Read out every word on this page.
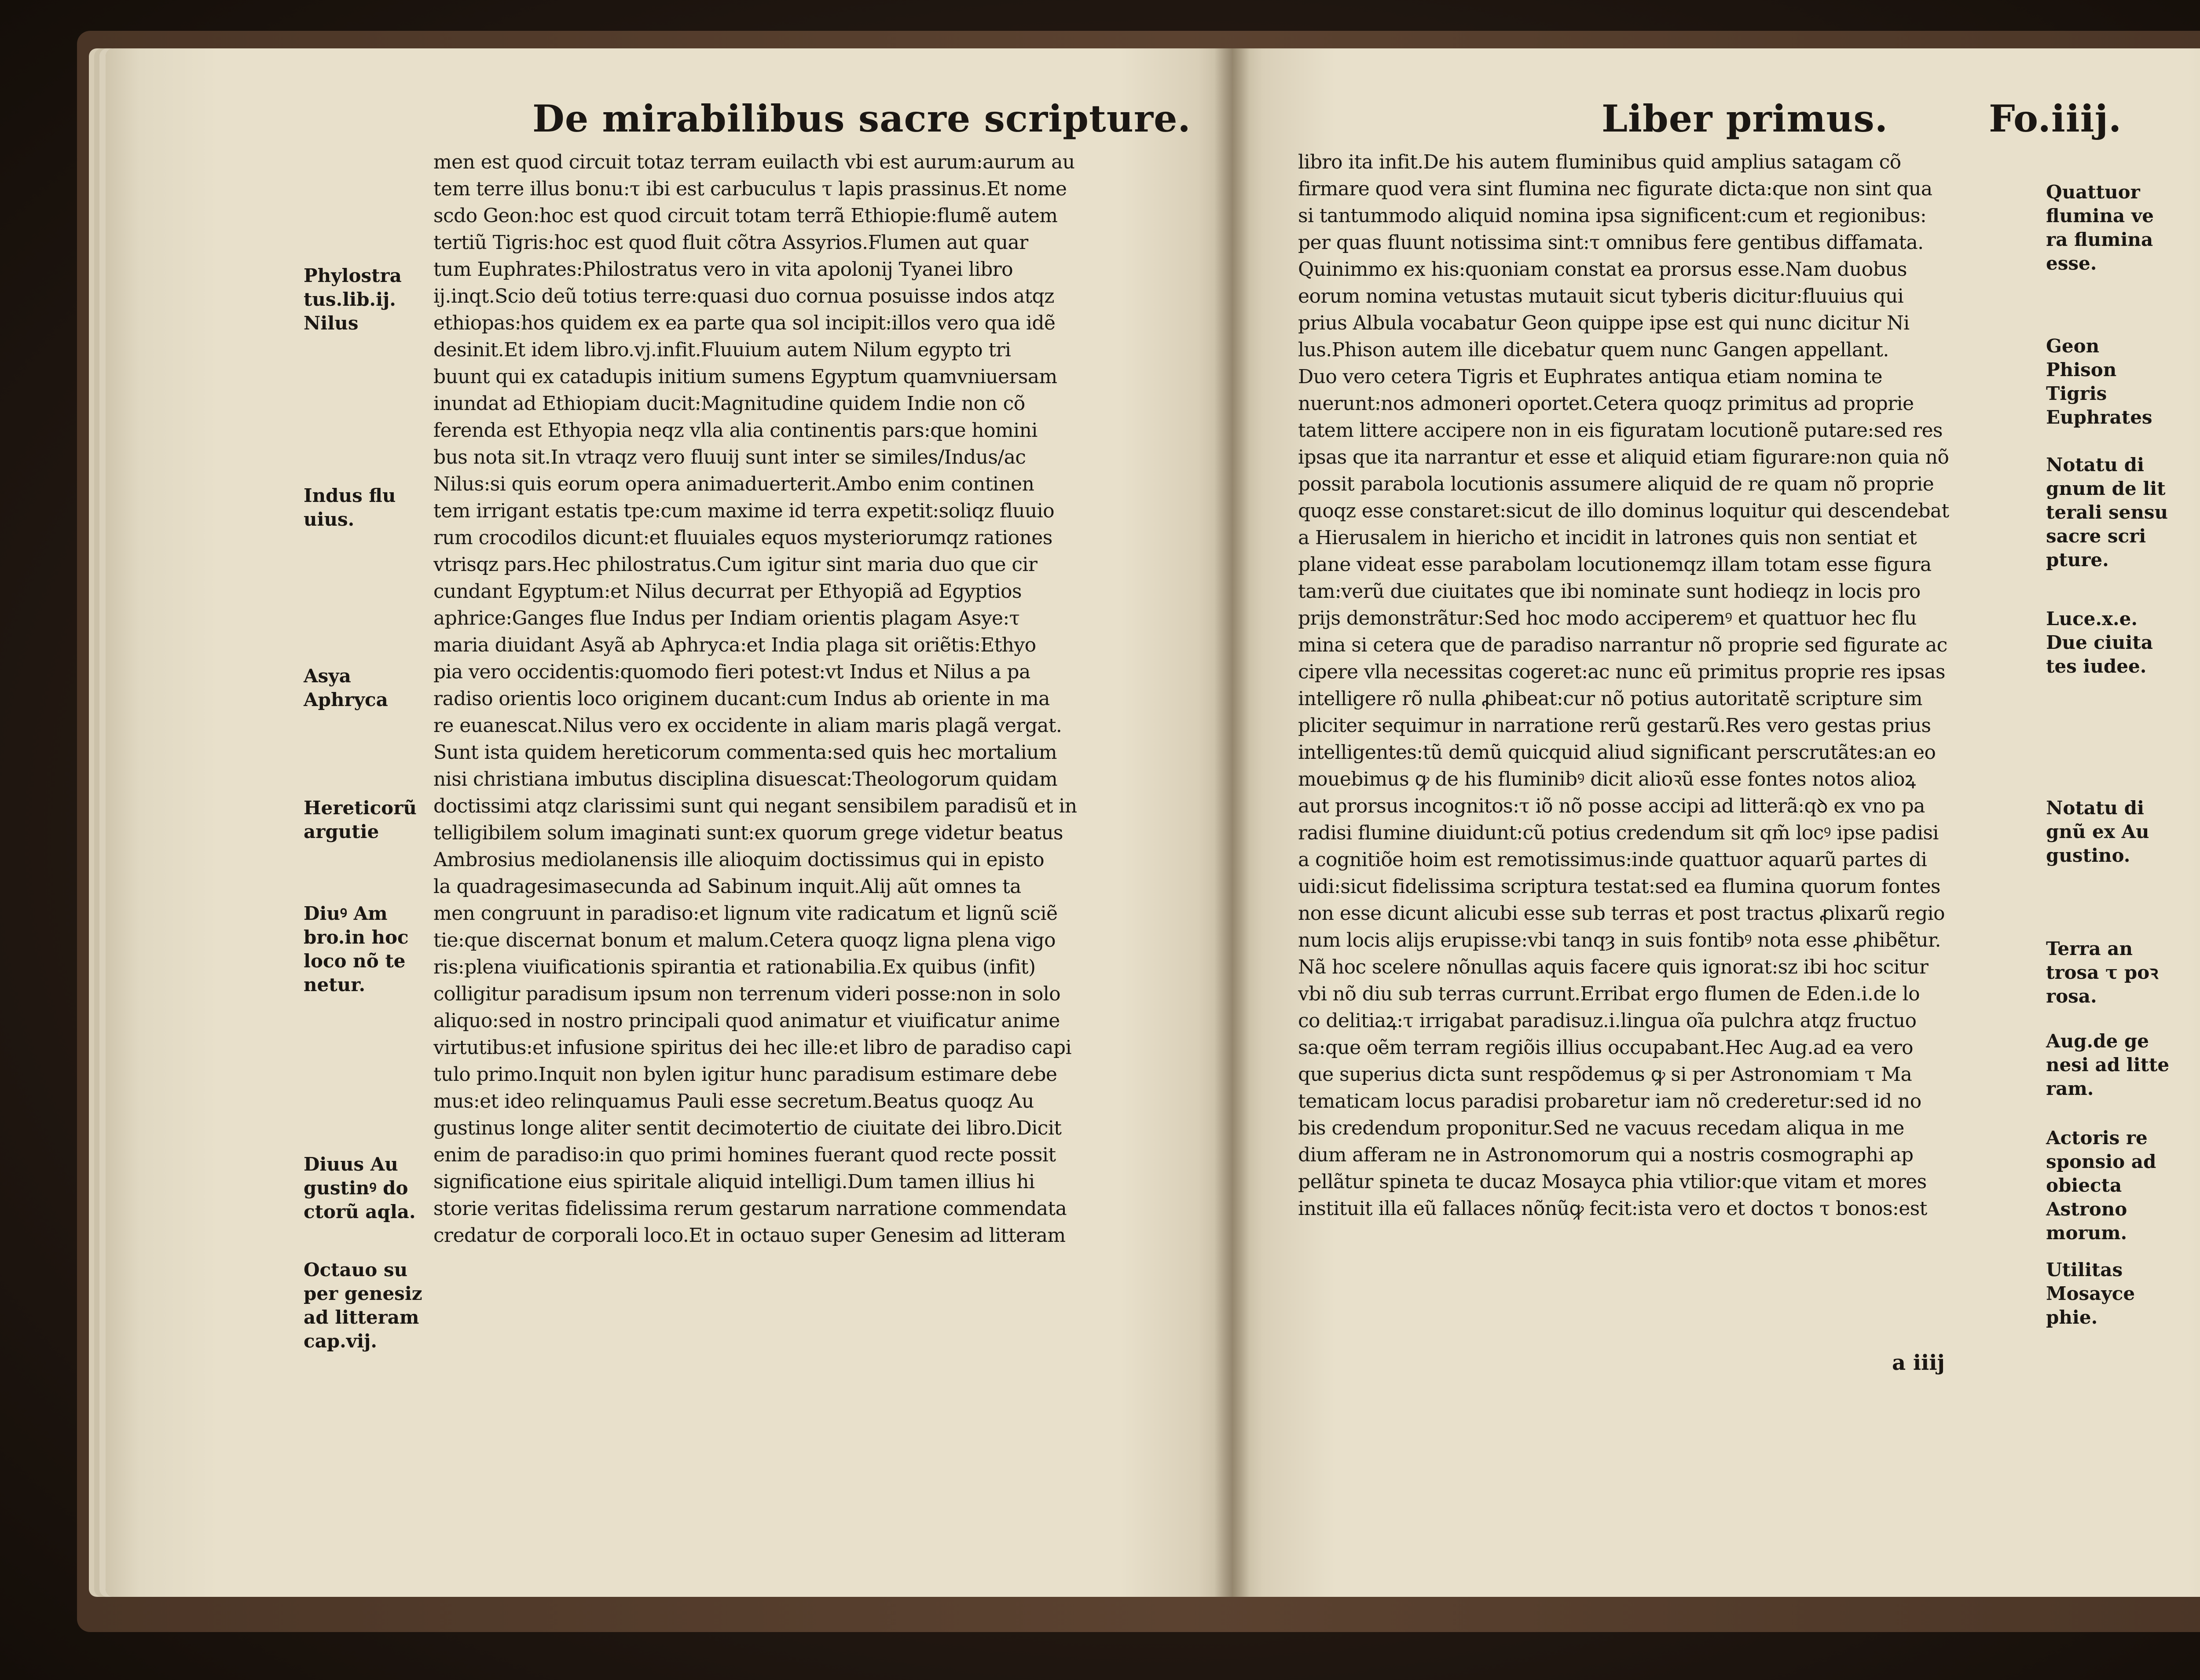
De mirabilibus sacre scripture.	Liber primus.	Fo.iiij.
men est quod circuit totaz terram euilacth vbi est aurum:aurum au
tem terre illus bonu:τ ibi est carbuculus τ lapis prassinus.Et nome
scdo Geon:hoc est quod circuit totam terrã Ethiopie:flumẽ autem
tertiũ Tigris:hoc est quod fluit cõtra Assyrios.Flumen aut quar
tum Euphrates:Philostratus vero in vita apolonij Tyanei libro
ij.inqt.Scio deũ totius terre:quasi duo cornua posuisse indos atqz
ethiopas:hos quidem ex ea parte qua sol incipit:illos vero qua idẽ
desinit.Et idem libro.vj.infit.Fluuium autem Nilum egypto tri
buunt qui ex catadupis initium sumens Egyptum quamvniuersam
inundat ad Ethiopiam ducit:Magnitudine quidem Indie non cõ
ferenda est Ethyopia neqz vlla alia continentis pars:que homini
bus nota sit.In vtraqz vero fluuij sunt inter se similes/Indus/ac
Nilus:si quis eorum opera animaduerterit.Ambo enim continen
tem irrigant estatis tpe:cum maxime id terra expetit:soliqz fluuio
rum crocodilos dicunt:et fluuiales equos mysteriorumqz rationes
vtrisqz pars.Hec philostratus.Cum igitur sint maria duo que cir
cundant Egyptum:et Nilus decurrat per Ethyopiã ad Egyptios
aphrice:Ganges flue Indus per Indiam orientis plagam Asye:τ
maria diuidant Asyã ab Aphryca:et India plaga sit oriẽtis:Ethyo
pia vero occidentis:quomodo fieri potest:vt Indus et Nilus a pa
radiso orientis loco originem ducant:cum Indus ab oriente in ma
re euanescat.Nilus vero ex occidente in aliam maris plagã vergat.
Sunt ista quidem hereticorum commenta:sed quis hec mortalium
nisi christiana imbutus disciplina disuescat:Theologorum quidam
doctissimi atqz clarissimi sunt qui negant sensibilem paradisũ et in
telligibilem solum imaginati sunt:ex quorum grege videtur beatus
Ambrosius mediolanensis ille alioquim doctissimus qui in episto
la quadragesimasecunda ad Sabinum inquit.Alij aũt omnes ta
men congruunt in paradiso:et lignum vite radicatum et lignũ sciẽ
tie:que discernat bonum et malum.Cetera quoqz ligna plena vigo
ris:plena viuificationis spirantia et rationabilia.Ex quibus (infit)
colligitur paradisum ipsum non terrenum videri posse:non in solo
aliquo:sed in nostro principali quod animatur et viuificatur anime
virtutibus:et infusione spiritus dei hec ille:et libro de paradiso capi
tulo primo.Inquit non bylen igitur hunc paradisum estimare debe
mus:et ideo relinquamus Pauli esse secretum.Beatus quoqz Au
gustinus longe aliter sentit decimotertio de ciuitate dei libro.Dicit
enim de paradiso:in quo primi homines fuerant quod recte possit
significatione eius spiritale aliquid intelligi.Dum tamen illius hi
storie veritas fidelissima rerum gestarum narratione commendata
credatur de corporali loco.Et in octauo super Genesim ad litteram
libro ita infit.De his autem fluminibus quid amplius satagam cõ
firmare quod vera sint flumina nec figurate dicta:que non sint qua
si tantummodo aliquid nomina ipsa significent:cum et regionibus:
per quas fluunt notissima sint:τ omnibus fere gentibus diffamata.
Quinimmo ex his:quoniam constat ea prorsus esse.Nam duobus
eorum nomina vetustas mutauit sicut tyberis dicitur:fluuius qui
prius Albula vocabatur Geon quippe ipse est qui nunc dicitur Ni
lus.Phison autem ille dicebatur quem nunc Gangen appellant.
Duo vero cetera Tigris et Euphrates antiqua etiam nomina te
nuerunt:nos admoneri oportet.Cetera quoqz primitus ad proprie
tatem littere accipere non in eis figuratam locutionẽ putare:sed res
ipsas que ita narrantur et esse et aliquid etiam figurare:non quia nõ
possit parabola locutionis assumere aliquid de re quam nõ proprie
quoqz esse constaret:sicut de illo dominus loquitur qui descendebat
a Hierusalem in hiericho et incidit in latrones quis non sentiat et
plane videat esse parabolam locutionemqz illam totam esse figura
tam:verũ due ciuitates que ibi nominate sunt hodieqz in locis pro
prijs demonstrãtur:Sed hoc modo acciperemꝰ et quattuor hec flu
mina si cetera que de paradiso narrantur nõ proprie sed figurate ac
cipere vlla necessitas cogeret:ac nunc eũ primitus proprie res ipsas
intelligere rõ nulla ꝓhibeat:cur nõ potius autoritatẽ scripture sim
pliciter sequimur in narratione rerũ gestarũ.Res vero gestas prius
intelligentes:tũ demũ quicquid aliud significant perscrutãtes:an eo
mouebimus ꝙ de his fluminibꝰ dicit alioꝛũ esse fontes notos alioꝝ
aut prorsus incognitos:τ iõ nõ posse accipi ad litterã:qꝺ ex vno pa
radisi flumine diuidunt:cũ potius credendum sit qm̃ locꝰ ipse padisi
a cognitiõe hoim est remotissimus:inde quattuor aquarũ partes di
uidi:sicut fidelissima scriptura testat:sed ea flumina quorum fontes
non esse dicunt alicubi esse sub terras et post tractus ꝓlixarũ regio
num locis alijs erupisse:vbi tanqȝ in suis fontibꝰ nota esse ꝓhibẽtur.
Nã hoc scelere nõnullas aquis facere quis ignorat:sz ibi hoc scitur
vbi nõ diu sub terras currunt.Erribat ergo flumen de Eden.i.de lo
co delitiaꝝ:τ irrigabat paradisuz.i.lingua oĩa pulchra atqz fructuo
sa:que oẽm terram regiõis illius occupabant.Hec Aug.ad ea vero
que superius dicta sunt respõdemus ꝙ si per Astronomiam τ Ma
tematicam locus paradisi probaretur iam nõ crederetur:sed id no
bis credendum proponitur.Sed ne vacuus recedam aliqua in me
dium afferam ne in Astronomorum qui a nostris cosmographi ap
pellãtur spineta te ducaz Mosayca phia vtilior:que vitam et mores
instituit illa eũ fallaces nõnũꝙ fecit:ista vero et doctos τ bonos:est
Phylostra
tus.lib.ij.
Nilus
Indus flu
uius.
Asya
Aphryca
Hereticorũ
argutie
Diuꝰ Am
bro.in hoc
loco nõ te
netur.
Diuus Au
gustinꝰ do
ctorũ aqla.
Octauo su
per genesiz
ad litteram
cap.vij.
Quattuor
flumina ve
ra flumina
esse.
Geon
Phison
Tigris
Euphrates
Notatu di
gnum de lit
terali sensu
sacre scri
pture.
Luce.x.e.
Due ciuita
tes iudee.
Notatu di
gnũ ex Au
gustino.
Terra an
trosa τ poꝛ
rosa.
Aug.de ge
nesi ad litte
ram.
Actoris re
sponsio ad
obiecta
Astrono
morum.
Utilitas
Mosayce
phie.
a iiij
